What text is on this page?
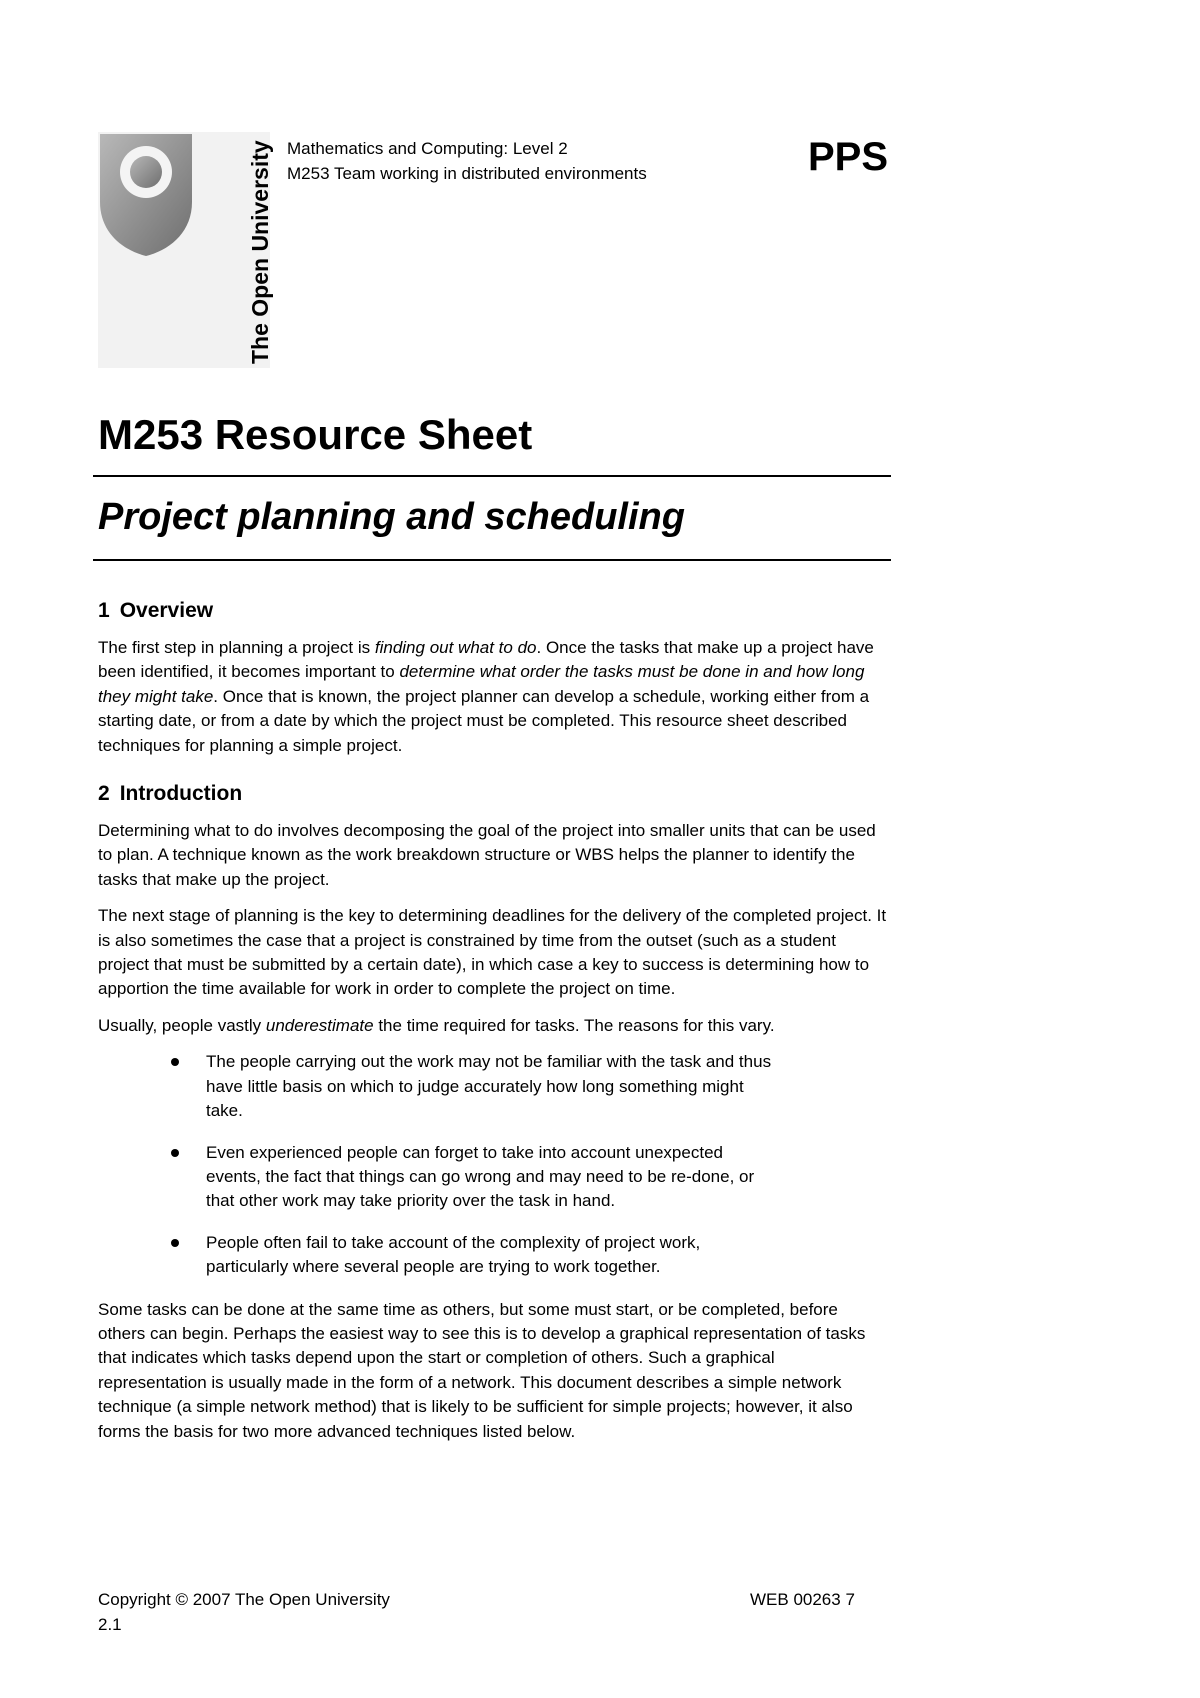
The Open University Mathematics and Computing: Level 2
M253 Team working in distributed environments	PPS
M253 Resource Sheet
Project planning and scheduling
1 Overview

The first step in planning a project is finding out what to do. Once the tasks that make up a project have been identified, it becomes important to determine what order the tasks must be done in and how long they might take. Once that is known, the project planner can develop a schedule, working either from a starting date, or from a date by which the project must be completed. This resource sheet described techniques for planning a simple project.

2 Introduction

Determining what to do involves decomposing the goal of the project into smaller units that can be used to plan. A technique known as the work breakdown structure or WBS helps the planner to identify the tasks that make up the project.

The next stage of planning is the key to determining deadlines for the delivery of the completed project. It is also sometimes the case that a project is constrained by time from the outset (such as a student project that must be submitted by a certain date), in which case a key to success is determining how to apportion the time available for work in order to complete the project on time.

Usually, people vastly underestimate the time required for tasks. The reasons for this vary.

The people carrying out the work may not be familiar with the task and thus have little basis on which to judge accurately how long something might take.
Even experienced people can forget to take into account unexpected events, the fact that things can go wrong and may need to be re-done, or that other work may take priority over the task in hand.
People often fail to take account of the complexity of project work, particularly where several people are trying to work together.

Some tasks can be done at the same time as others, but some must start, or be completed, before others can begin. Perhaps the easiest way to see this is to develop a graphical representation of tasks that indicates which tasks depend upon the start or completion of others. Such a graphical representation is usually made in the form of a network. This document describes a simple network technique (a simple network method) that is likely to be sufficient for simple projects; however, it also forms the basis for two more advanced techniques listed below.

Copyright © 2007 The Open University
2.1
WEB 00263 7
